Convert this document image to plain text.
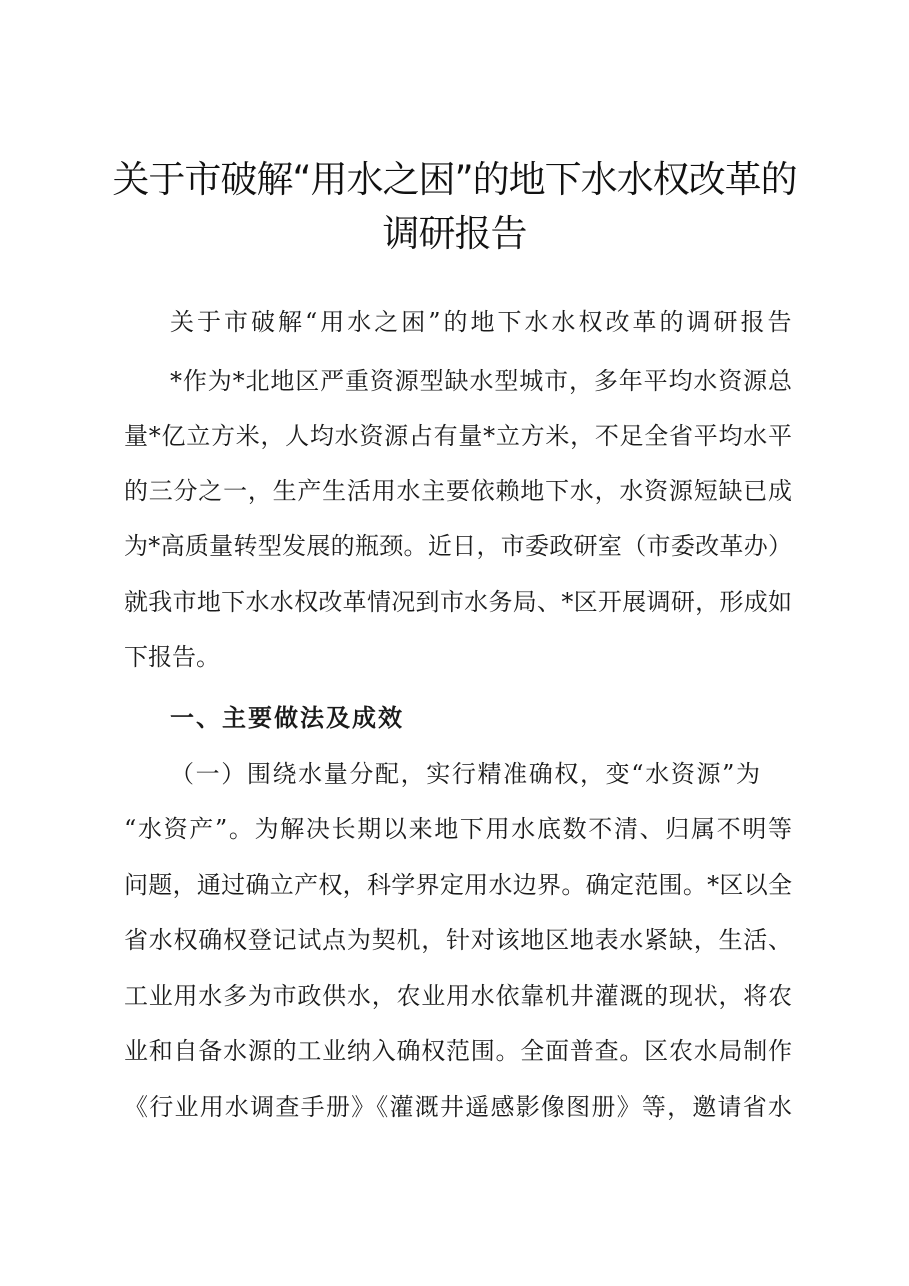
关于市破解“用水之困”的地下水水权改革的
调研报告
关于市破解“用水之困”的地下水水权改革的调研报告
*作为*北地区严重资源型缺水型城市，多年平均水资源总
量*亿立方米，人均水资源占有量*立方米，不足全省平均水平
的三分之一，生产生活用水主要依赖地下水，水资源短缺已成
为*高质量转型发展的瓶颈。近日，市委政研室（市委改革办）
就我市地下水水权改革情况到市水务局、*区开展调研，形成如
下报告。
一、主要做法及成效
（一）围绕水量分配，实行精准确权，变“水资源”为
“水资产”。为解决长期以来地下用水底数不清、归属不明等
问题，通过确立产权，科学界定用水边界。确定范围。*区以全
省水权确权登记试点为契机，针对该地区地表水紧缺，生活、
工业用水多为市政供水，农业用水依靠机井灌溉的现状，将农
业和自备水源的工业纳入确权范围。全面普查。区农水局制作
《行业用水调查手册》《灌溉井遥感影像图册》等，邀请省水
